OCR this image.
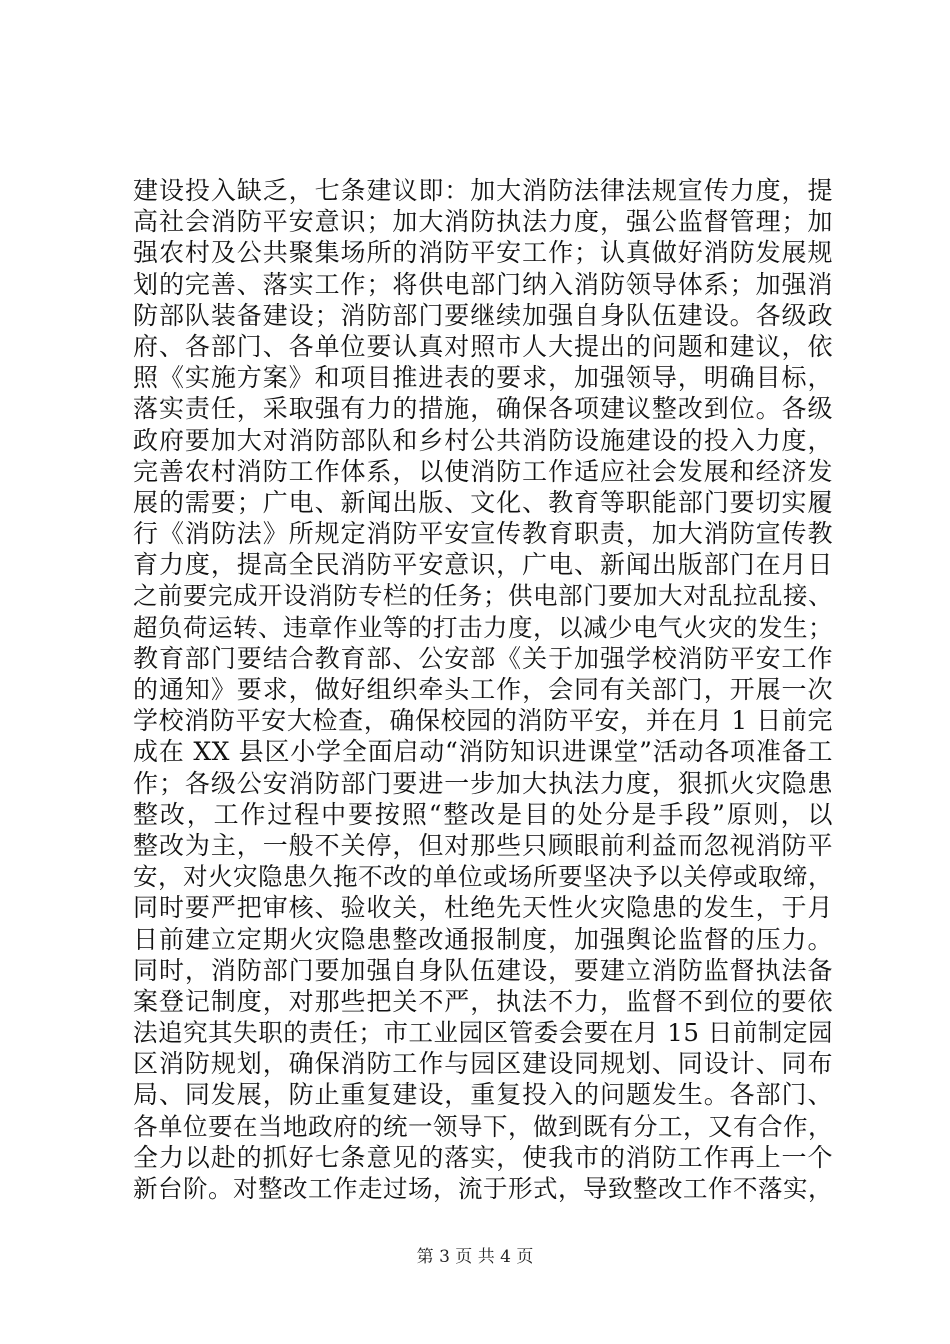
建设投入缺乏，七条建议即：加大消防法律法规宣传力度，提
高社会消防平安意识；加大消防执法力度，强公监督管理；加
强农村及公共聚集场所的消防平安工作；认真做好消防发展规
划的完善、落实工作；将供电部门纳入消防领导体系；加强消
防部队装备建设；消防部门要继续加强自身队伍建设。各级政
府、各部门、各单位要认真对照市人大提出的问题和建议，依
照《实施方案》和项目推进表的要求，加强领导，明确目标，
落实责任，采取强有力的措施，确保各项建议整改到位。各级
政府要加大对消防部队和乡村公共消防设施建设的投入力度，
完善农村消防工作体系，以使消防工作适应社会发展和经济发
展的需要；广电、新闻出版、文化、教育等职能部门要切实履
行《消防法》所规定消防平安宣传教育职责，加大消防宣传教
育力度，提高全民消防平安意识，广电、新闻出版部门在月日
之前要完成开设消防专栏的任务；供电部门要加大对乱拉乱接、
超负荷运转、违章作业等的打击力度，以减少电气火灾的发生；
教育部门要结合教育部、公安部《关于加强学校消防平安工作
的通知》要求，做好组织牵头工作，会同有关部门，开展一次
学校消防平安大检查，确保校园的消防平安，并在月 1 日前完
成在 XX 县区小学全面启动“消防知识进课堂”活动各项准备工
作；各级公安消防部门要进一步加大执法力度，狠抓火灾隐患
整改，工作过程中要按照“整改是目的处分是手段”原则，以
整改为主，一般不关停，但对那些只顾眼前利益而忽视消防平
安，对火灾隐患久拖不改的单位或场所要坚决予以关停或取缔，
同时要严把审核、验收关，杜绝先天性火灾隐患的发生，于月
日前建立定期火灾隐患整改通报制度，加强舆论监督的压力。
同时，消防部门要加强自身队伍建设，要建立消防监督执法备
案登记制度，对那些把关不严，执法不力，监督不到位的要依
法追究其失职的责任；市工业园区管委会要在月 15 日前制定园
区消防规划，确保消防工作与园区建设同规划、同设计、同布
局、同发展，防止重复建设，重复投入的问题发生。各部门、
各单位要在当地政府的统一领导下，做到既有分工，又有合作，
全力以赴的抓好七条意见的落实，使我市的消防工作再上一个
新台阶。对整改工作走过场，流于形式，导致整改工作不落实，
第 3 页 共 4 页
